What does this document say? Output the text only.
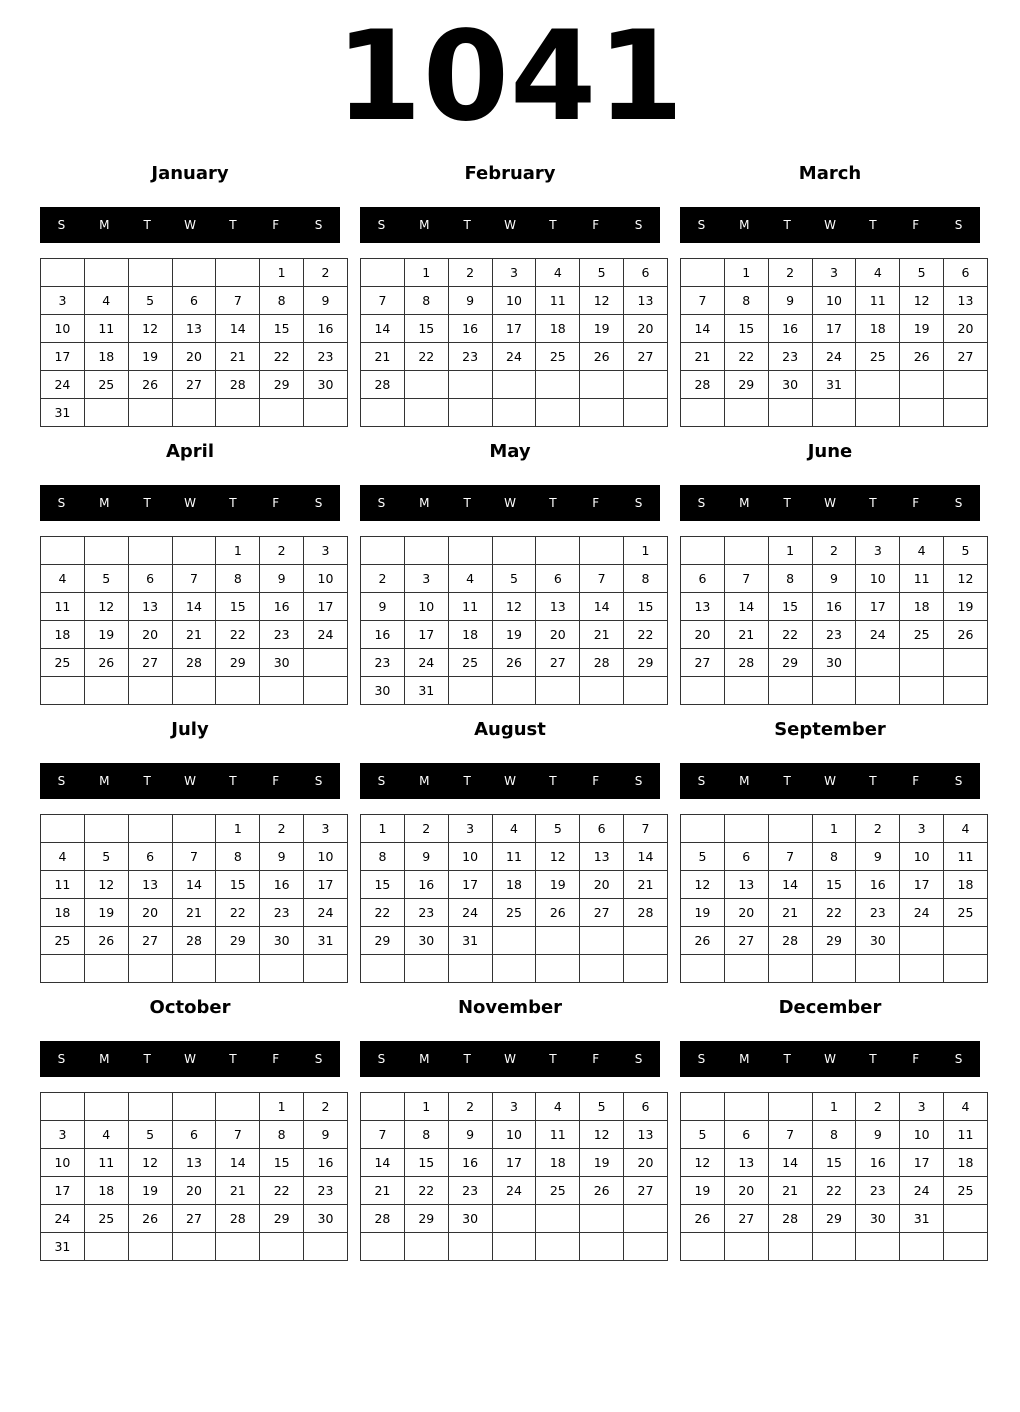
1041
January
S	M	T	W	T	F	S
					1	2
3	4	5	6	7	8	9
10	11	12	13	14	15	16
17	18	19	20	21	22	23
24	25	26	27	28	29	30
31						
February
S	M	T	W	T	F	S
	1	2	3	4	5	6
7	8	9	10	11	12	13
14	15	16	17	18	19	20
21	22	23	24	25	26	27
28						

March
S	M	T	W	T	F	S
	1	2	3	4	5	6
7	8	9	10	11	12	13
14	15	16	17	18	19	20
21	22	23	24	25	26	27
28	29	30	31			

April
S	M	T	W	T	F	S
				1	2	3
4	5	6	7	8	9	10
11	12	13	14	15	16	17
18	19	20	21	22	23	24
25	26	27	28	29	30	

May
S	M	T	W	T	F	S
						1
2	3	4	5	6	7	8
9	10	11	12	13	14	15
16	17	18	19	20	21	22
23	24	25	26	27	28	29
30	31					
June
S	M	T	W	T	F	S
		1	2	3	4	5
6	7	8	9	10	11	12
13	14	15	16	17	18	19
20	21	22	23	24	25	26
27	28	29	30			

July
S	M	T	W	T	F	S
				1	2	3
4	5	6	7	8	9	10
11	12	13	14	15	16	17
18	19	20	21	22	23	24
25	26	27	28	29	30	31

August
S	M	T	W	T	F	S
1	2	3	4	5	6	7
8	9	10	11	12	13	14
15	16	17	18	19	20	21
22	23	24	25	26	27	28
29	30	31				

September
S	M	T	W	T	F	S
			1	2	3	4
5	6	7	8	9	10	11
12	13	14	15	16	17	18
19	20	21	22	23	24	25
26	27	28	29	30		

October
S	M	T	W	T	F	S
					1	2
3	4	5	6	7	8	9
10	11	12	13	14	15	16
17	18	19	20	21	22	23
24	25	26	27	28	29	30
31						
November
S	M	T	W	T	F	S
	1	2	3	4	5	6
7	8	9	10	11	12	13
14	15	16	17	18	19	20
21	22	23	24	25	26	27
28	29	30				

December
S	M	T	W	T	F	S
			1	2	3	4
5	6	7	8	9	10	11
12	13	14	15	16	17	18
19	20	21	22	23	24	25
26	27	28	29	30	31	
